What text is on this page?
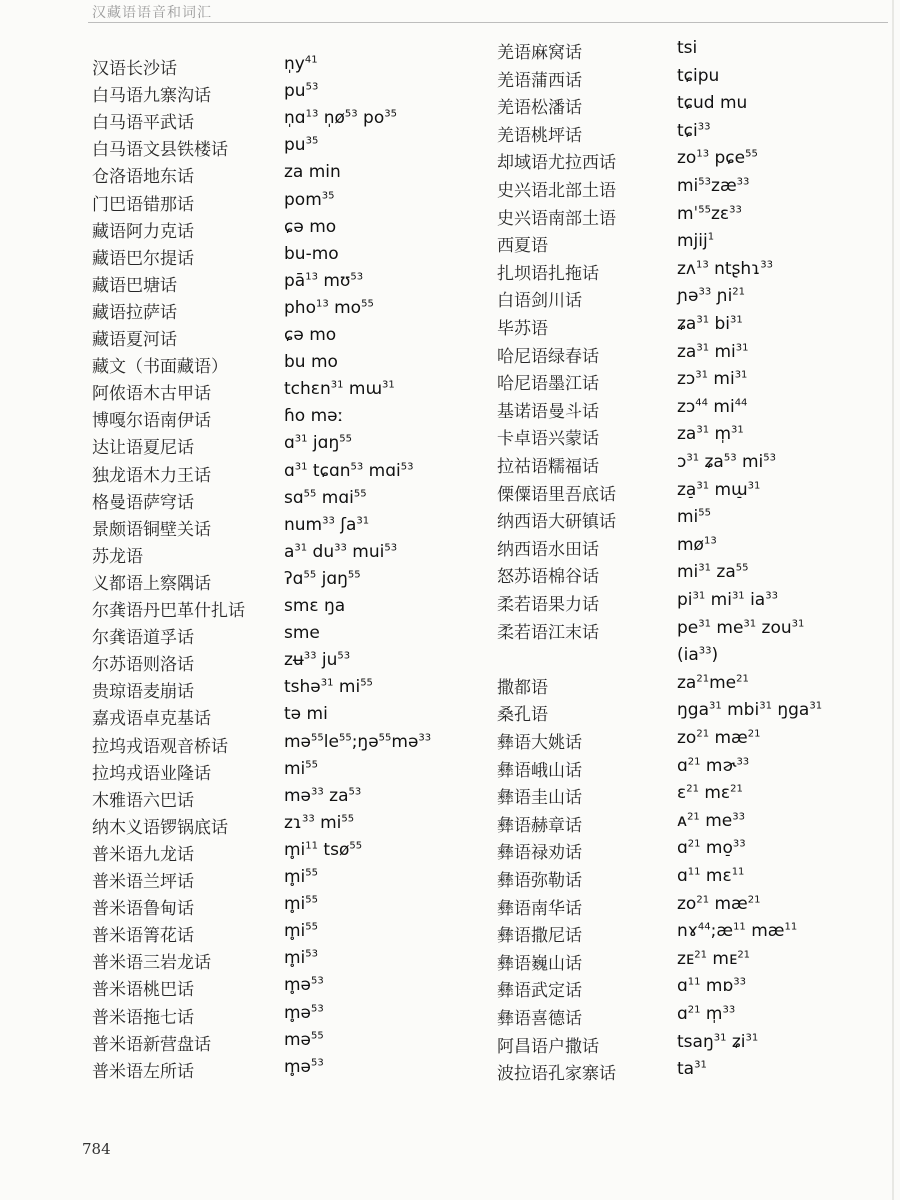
汉藏语语音和词汇
汉语长沙话	$n̩y^{41}$
白马语九寨沟话	$pu^{53}$
白马语平武话	n̩ɑ$^{13}$ $n̩ø^{53}$ $po^{35}$
白马语文县铁楼话	$pu^{35}$
仓洛语地东话	za min
门巴语错那话	pom$^{35}$
藏语阿力克话	ɕə mo
藏语巴尔提话	bu-mo
藏语巴塘话	$pā^{13}$ mʊ$^{53}$
藏语拉萨话	pho$^{13}$ $mo^{55}$
藏语夏河话	ɕə mo
藏文（书面藏语）	bu mo
阿侬语木古甲话	tchɛn$^{31}$ mɯ$^{31}$
博嘎尔语南伊话	ɦo məː
达让语夏尼话	ɑ$^{31}$ jɑŋ$^{55}$
独龙语木力王话	ɑ$^{31}$ tɕɑn$^{53}$ mɑi$^{53}$
格曼语萨穹话	sɑ$^{55}$ mɑi$^{55}$
景颇语铜壁关话	num$^{33}$ ʃa$^{31}$
苏龙语	$a^{31}$ $du^{33}$ mui$^{53}$
义都语上察隅话	ʔɑ$^{55}$ jɑŋ$^{55}$
尔龚语丹巴革什扎话 smɛ ŋa
尔龚语道孚话	sme
尔苏语则洛话	zʉ$^{33}$ $ju^{53}$
贵琼语麦崩话	tshə$^{31}$ $mi^{55}$
嘉戎语卓克基话	tə mi
拉坞戎语观音桥话	$mə^{55}le^{55};ŋə^{55}mə^{33}$
拉坞戎语业隆话	$mi^{55}$
木雅语六巴话	mə$^{33}$ $za^{53}$
纳木义语锣锅底话	zɿ$^{33}$ $mi^{55}$
普米语九龙话	$m̥i^{11}$ tsø$^{55}$
普米语兰坪话	$m̥i^{55}$
普米语鲁甸话	$m̥i^{55}$
普米语箐花话	$m̥i^{55}$
普米语三岩龙话	$m̥i^{53}$
普米语桃巴话	m̥ə$^{53}$
普米语拖七话	m̥ə$^{53}$
普米语新营盘话	mə$^{55}$
普米语左所话	m̥ə$^{53}$
羌语麻窝话	tsi
羌语蒲西话	tɕipu
羌语松潘话	tɕud mu
羌语桃坪话	tɕi$^{33}$
却域语尤拉西话	$zo^{13}$ pɕe$^{55}$
史兴语北部土语	$mi^{53}zæ^{33}$
史兴语南部土语	mˈ$^{55}$zɛ$^{33}$
西夏语	mjij$^1$
扎坝语扎拖话	zʌ$^{13}$ ntʂhɿ$^{33}$
白语剑川话	ɲə$^{33}$ ɲi$^{21}$
毕苏语	ʑa$^{31}$ $bi^{31}$
哈尼语绿春话	$za^{31}$ $mi^{31}$
哈尼语墨江话	zɔ$^{31}$ $mi^{31}$
基诺语曼斗话	zɔ$^{44}$ $mi^{44}$
卡卓语兴蒙话	$za^{31}$ m̩$^{31}$
拉祜语糯福话	ɔ$^{31}$ ʑa$^{53}$ $mi^{53}$
傈僳语里吾底话	za̠$^{31}$ mɯ̠$^{31}$
纳西语大研镇话	$mi^{55}$
纳西语水田话	$mø^{13}$
怒苏语棉谷话	$mi^{31}$ $za^{55}$
柔若语果力话	$pi^{31}$ $mi^{31}$ $ia^{33}$
柔若语江末话	$pe^{31}$ $me^{31}$ zou$^{31}$
$(ia^{33})$
撒都语	$za^{21}me^{21}$
桑孔语	ŋga$^{31}$ mbi$^{31}$ ŋga$^{31}$
彝语大姚话	$zo^{21}$ $mæ^{21}$
彝语峨山话	ɑ$^{21}$ mɚ$^{33}$
彝语圭山话	ɛ$^{21}$ mɛ$^{21}$
彝语赫章话	ᴀ$^{21}$ $me^{33}$
彝语禄劝话	ɑ$^{21}$ mo̠$^{33}$
彝语弥勒话	ɑ$^{11}$ mɛ$^{11}$
彝语南华话	$zo^{21}$ $mæ^{21}$
彝语撒尼话	$nɤ^{44};æ^{11}$ $mæ^{11}$
彝语巍山话	zᴇ$^{21}$ mᴇ$^{21}$
彝语武定话	ɑ$^{11}$ mɒ$^{33}$
彝语喜德话	ɑ$^{21}$ m̩$^{33}$
阿昌语户撒话	tsaŋ$^{31}$ ʑi$^{31}$
波拉语孔家寨话	$ta^{31}$
784
